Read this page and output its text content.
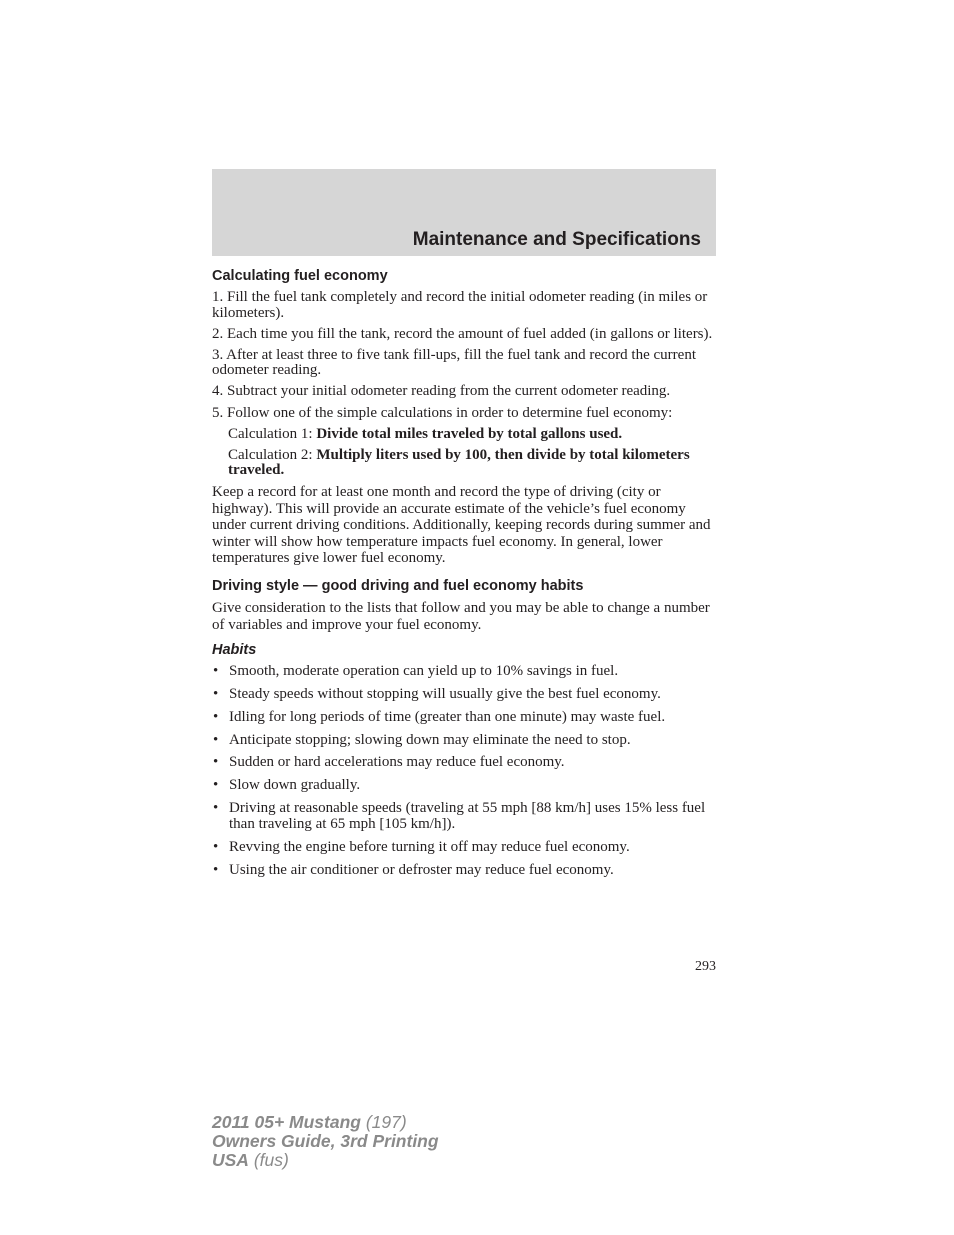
Maintenance and Specifications
Calculating fuel economy

1. Fill the fuel tank completely and record the initial odometer reading (in miles or kilometers).

2. Each time you fill the tank, record the amount of fuel added (in gallons or liters).

3. After at least three to five tank fill-ups, fill the fuel tank and record the current odometer reading.

4. Subtract your initial odometer reading from the current odometer reading.

5. Follow one of the simple calculations in order to determine fuel economy:

Calculation 1: Divide total miles traveled by total gallons used.

Calculation 2: Multiply liters used by 100, then divide by total kilometers traveled.

Keep a record for at least one month and record the type of driving (city or highway). This will provide an accurate estimate of the vehicle’s fuel economy under current driving conditions. Additionally, keeping records during summer and winter will show how temperature impacts fuel economy. In general, lower temperatures give lower fuel economy.

Driving style — good driving and fuel economy habits

Give consideration to the lists that follow and you may be able to change a number of variables and improve your fuel economy.

Habits
• Smooth, moderate operation can yield up to 10% savings in fuel.
• Steady speeds without stopping will usually give the best fuel economy.
• Idling for long periods of time (greater than one minute) may waste fuel.
• Anticipate stopping; slowing down may eliminate the need to stop.
• Sudden or hard accelerations may reduce fuel economy.
• Slow down gradually.
• Driving at reasonable speeds (traveling at 55 mph [88 km/h] uses 15% less fuel than traveling at 65 mph [105 km/h]).
• Revving the engine before turning it off may reduce fuel economy.
• Using the air conditioner or defroster may reduce fuel economy.
293
2011 05+ Mustang (197)
Owners Guide, 3rd Printing
USA (fus)
